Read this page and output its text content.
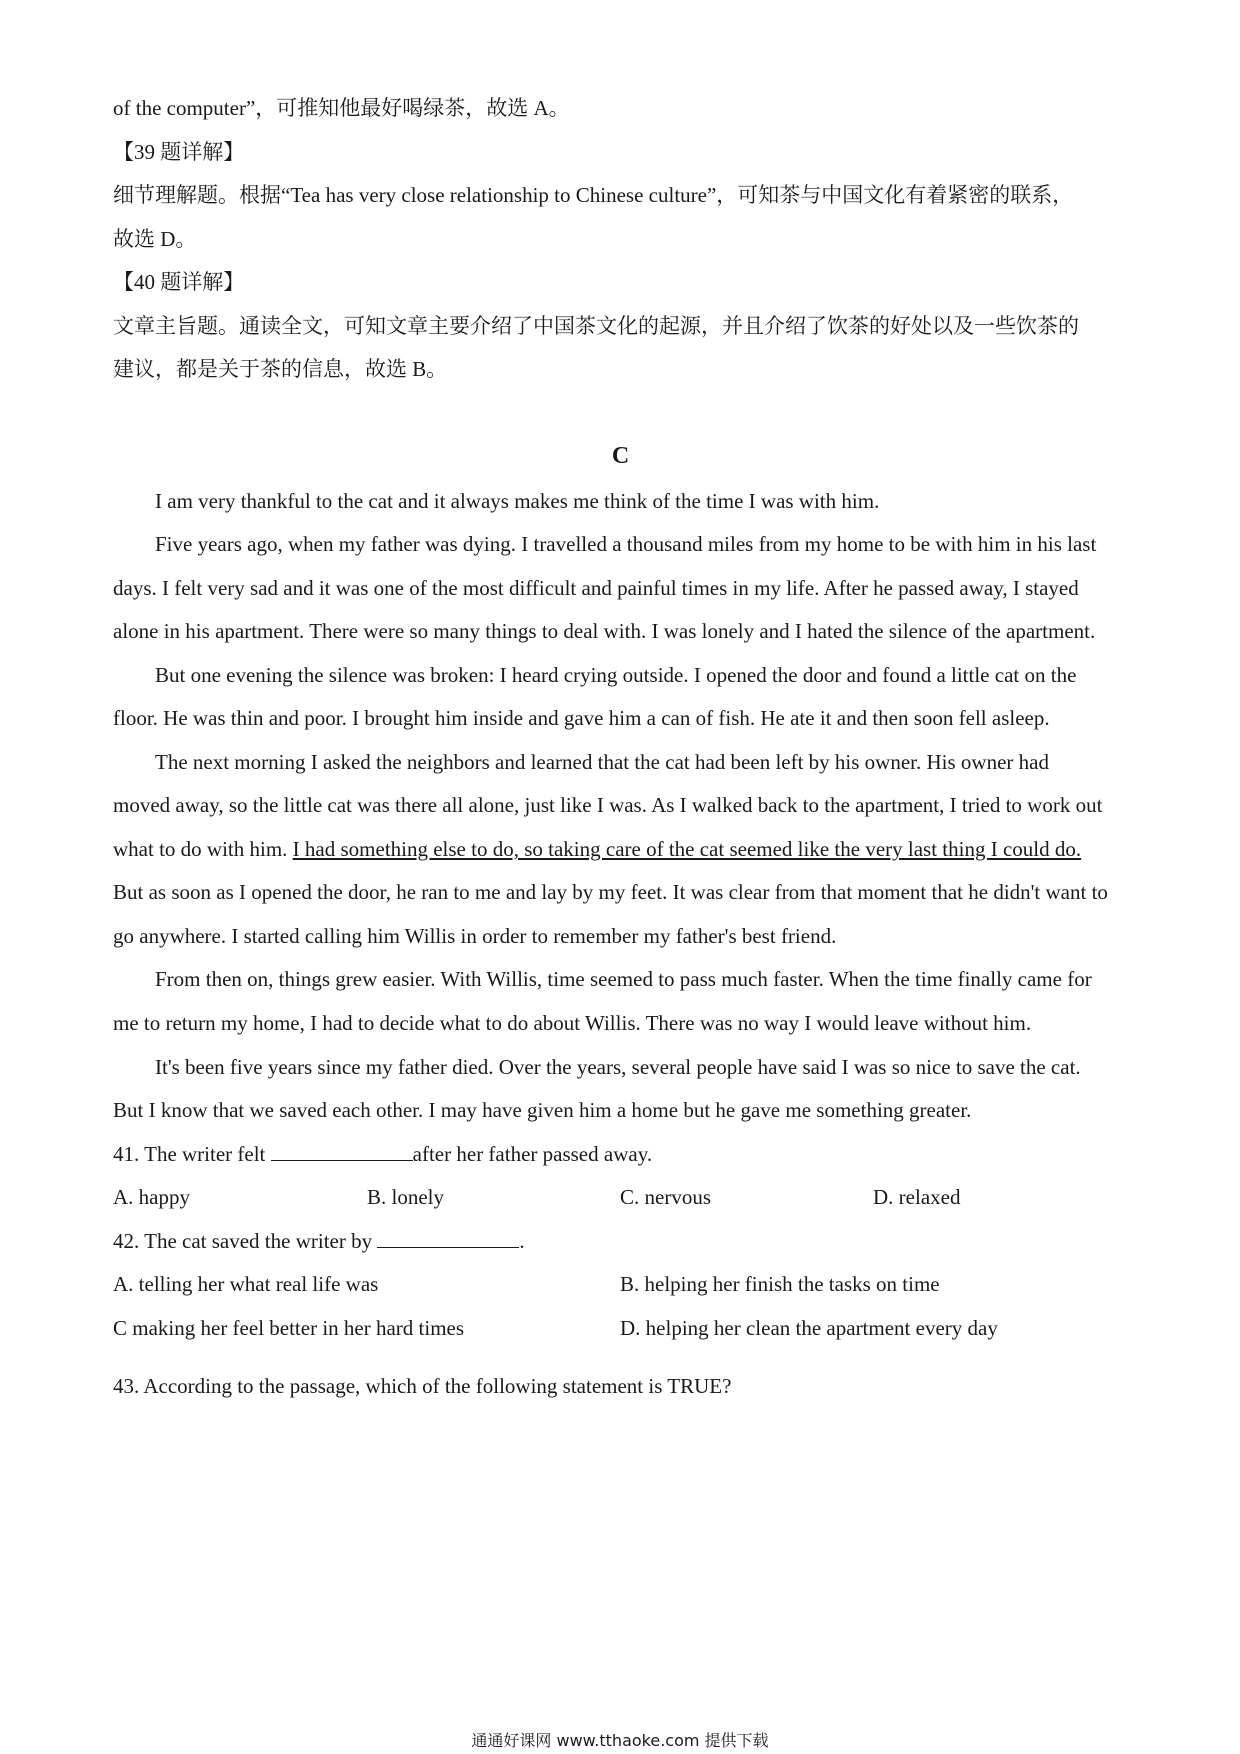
of the computer”，可推知他最好喝绿茶，故选 A。
【39 题详解】
细节理解题。根据“Tea has very close relationship to Chinese culture”，可知茶与中国文化有着紧密的联系，
故选 D。
【40 题详解】
文章主旨题。通读全文，可知文章主要介绍了中国茶文化的起源，并且介绍了饮茶的好处以及一些饮茶的
建议，都是关于茶的信息，故选 B。
C
I am very thankful to the cat and it always makes me think of the time I was with him.
Five years ago, when my father was dying. I travelled a thousand miles from my home to be with him in his last
days. I felt very sad and it was one of the most difficult and painful times in my life. After he passed away, I stayed
alone in his apartment. There were so many things to deal with. I was lonely and I hated the silence of the apartment.
But one evening the silence was broken: I heard crying outside. I opened the door and found a little cat on the
floor. He was thin and poor. I brought him inside and gave him a can of fish. He ate it and then soon fell asleep.
The next morning I asked the neighbors and learned that the cat had been left by his owner. His owner had
moved away, so the little cat was there all alone, just like I was. As I walked back to the apartment, I tried to work out
what to do with him. I had something else to do, so taking care of the cat seemed like the very last thing I could do.
But as soon as I opened the door, he ran to me and lay by my feet. It was clear from that moment that he didn't want to
go anywhere. I started calling him Willis in order to remember my father's best friend.
From then on, things grew easier. With Willis, time seemed to pass much faster. When the time finally came for
me to return my home, I had to decide what to do about Willis. There was no way I would leave without him.
It's been five years since my father died. Over the years, several people have said I was so nice to save the cat.
But I know that we saved each other. I may have given him a home but he gave me something greater.
41. The writer felt	after her father passed away.
A. happy	B. lonely	C. nervous	D. relaxed
42. The cat saved the writer by	.
A. telling her what real life was	B. helping her finish the tasks on time
C making her feel better in her hard times	D. helping her clean the apartment every day
43. According to the passage, which of the following statement is TRUE?
通通好课网 www.tthaoke.com 提供下载
